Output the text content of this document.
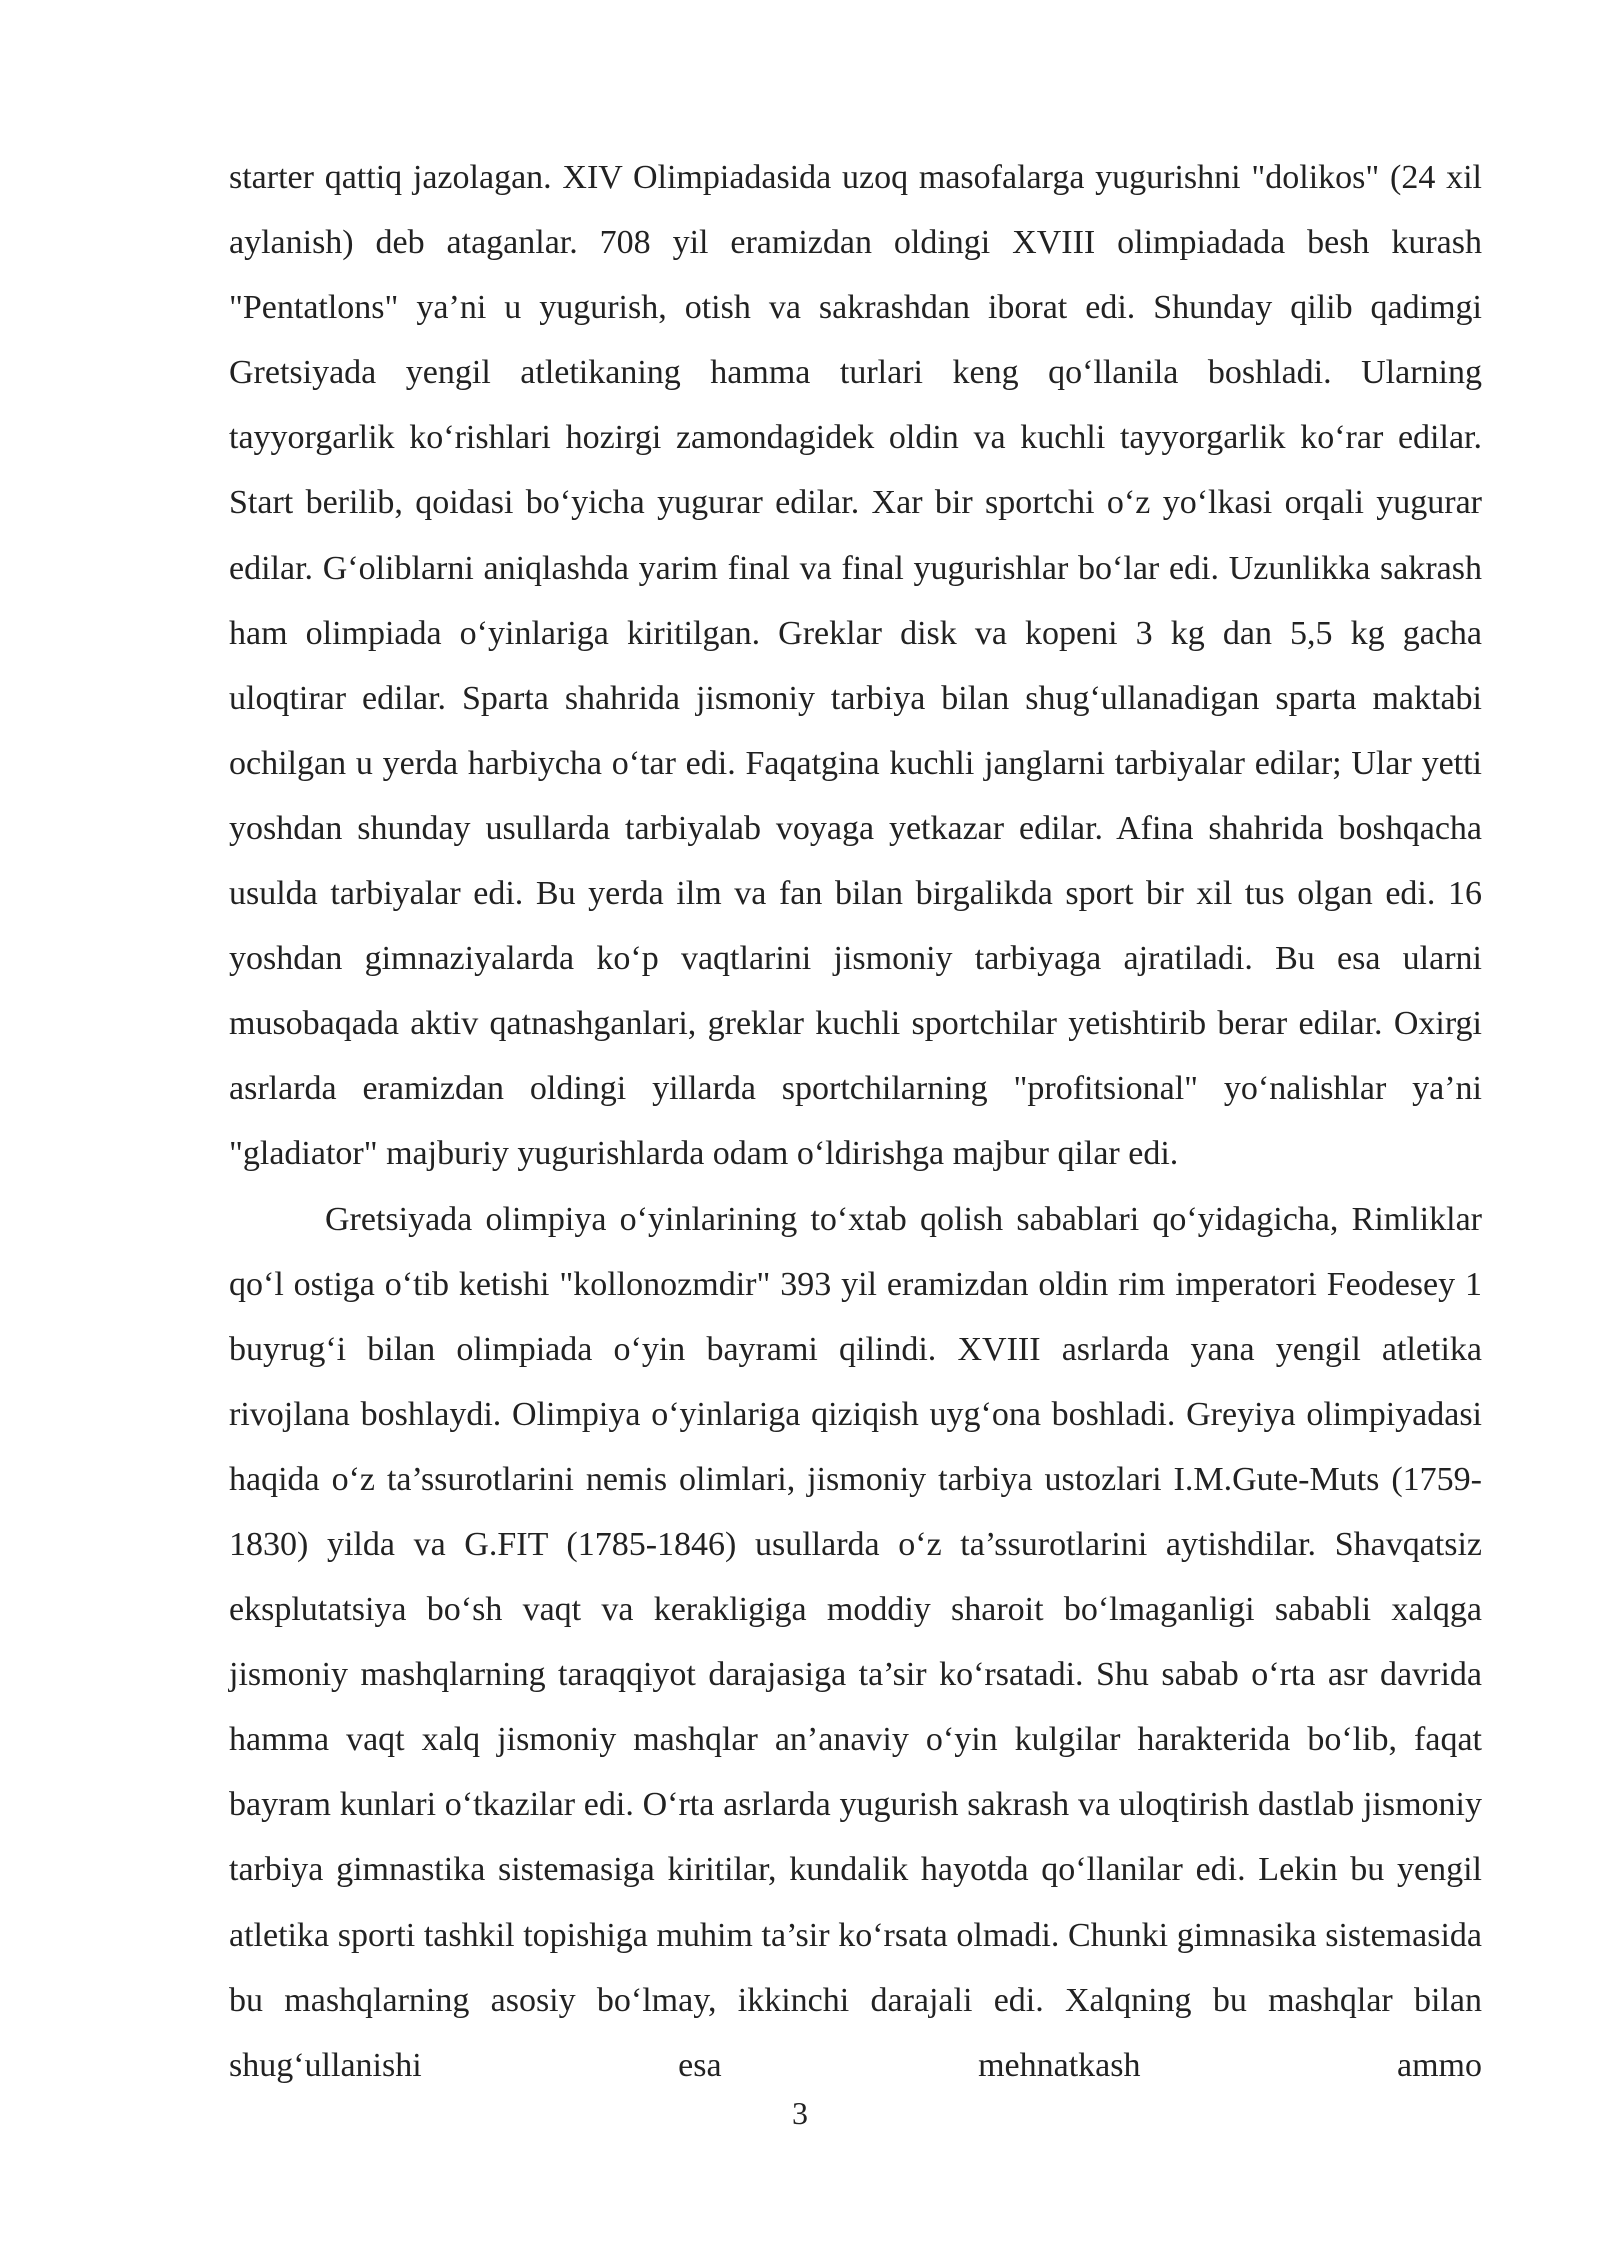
starter qattiq jazolagan. XIV Olimpiadasida uzoq masofalarga yugurishni "dolikos" (24 xil aylanish) deb ataganlar. 708 yil eramizdan oldingi XVIII olimpiadada besh kurash "Pentatlons" ya’ni u yugurish, otish va sakrashdan iborat edi. Shunday qilib qadimgi Gretsiyada yengil atletikaning hamma turlari keng qo‘llanila boshladi. Ularning tayyorgarlik ko‘rishlari hozirgi zamondagidek oldin va kuchli tayyorgarlik ko‘rar edilar. Start berilib, qoidasi bo‘yicha yugurar edilar. Xar bir sportchi o‘z yo‘lkasi orqali yugurar edilar. G‘oliblarni aniqlashda yarim final va final yugurishlar bo‘lar edi. Uzunlikka sakrash ham olimpiada o‘yinlariga kiritilgan. Greklar disk va kopeni 3 kg dan 5,5 kg gacha uloqtirar edilar. Sparta shahrida jismoniy tarbiya bilan shug‘ullanadigan sparta maktabi ochilgan u yerda harbiycha o‘tar edi. Faqatgina kuchli janglarni tarbiyalar edilar; Ular yetti yoshdan shunday usullarda tarbiyalab voyaga yetkazar edilar. Afina shahrida boshqacha usulda tarbiyalar edi. Bu yerda ilm va fan bilan birgalikda sport bir xil tus olgan edi. 16 yoshdan gimnaziyalarda ko‘p vaqtlarini jismoniy tarbiyaga ajratiladi. Bu esa ularni musobaqada aktiv qatnashganlari, greklar kuchli sportchilar yetishtirib berar edilar. Oxirgi asrlarda eramizdan oldingi yillarda sportchilarning "profitsional" yo‘nalishlar ya’ni "gladiator" majburiy yugurishlarda odam o‘ldirishga majbur qilar edi.

Gretsiyada olimpiya o‘yinlarining to‘xtab qolish sabablari qo‘yidagicha, Rimliklar qo‘l ostiga o‘tib ketishi "kollonozmdir" 393 yil eramizdan oldin rim imperatori Feodesey 1 buyrug‘i bilan olimpiada o‘yin bayrami qilindi. XVIII asrlarda yana yengil atletika rivojlana boshlaydi. Olimpiya o‘yinlariga qiziqish uyg‘ona boshladi. Greyiya olimpiyadasi haqida o‘z ta’ssurotlarini nemis olimlari, jismoniy tarbiya ustozlari I.M.Gute-Muts (1759-1830) yilda va G.FIT (1785-1846) usullarda o‘z ta’ssurotlarini aytishdilar. Shavqatsiz eksplutatsiya bo‘sh vaqt va kerakligiga moddiy sharoit bo‘lmaganligi sababli xalqga jismoniy mashqlarning taraqqiyot darajasiga ta’sir ko‘rsatadi. Shu sabab o‘rta asr davrida hamma vaqt xalq jismoniy mashqlar an’anaviy o‘yin kulgilar harakterida bo‘lib, faqat bayram kunlari o‘tkazilar edi. O‘rta asrlarda yugurish sakrash va uloqtirish dastlab jismoniy tarbiya gimnastika sistemasiga kiritilar, kundalik hayotda qo‘llanilar edi. Lekin bu yengil atletika sporti tashkil topishiga muhim ta’sir ko‘rsata olmadi. Chunki gimnasika sistemasida bu mashqlarning asosiy bo‘lmay, ikkinchi darajali edi. Xalqning bu mashqlar bilan shug‘ullanishi esa mehnatkash ammo

3
